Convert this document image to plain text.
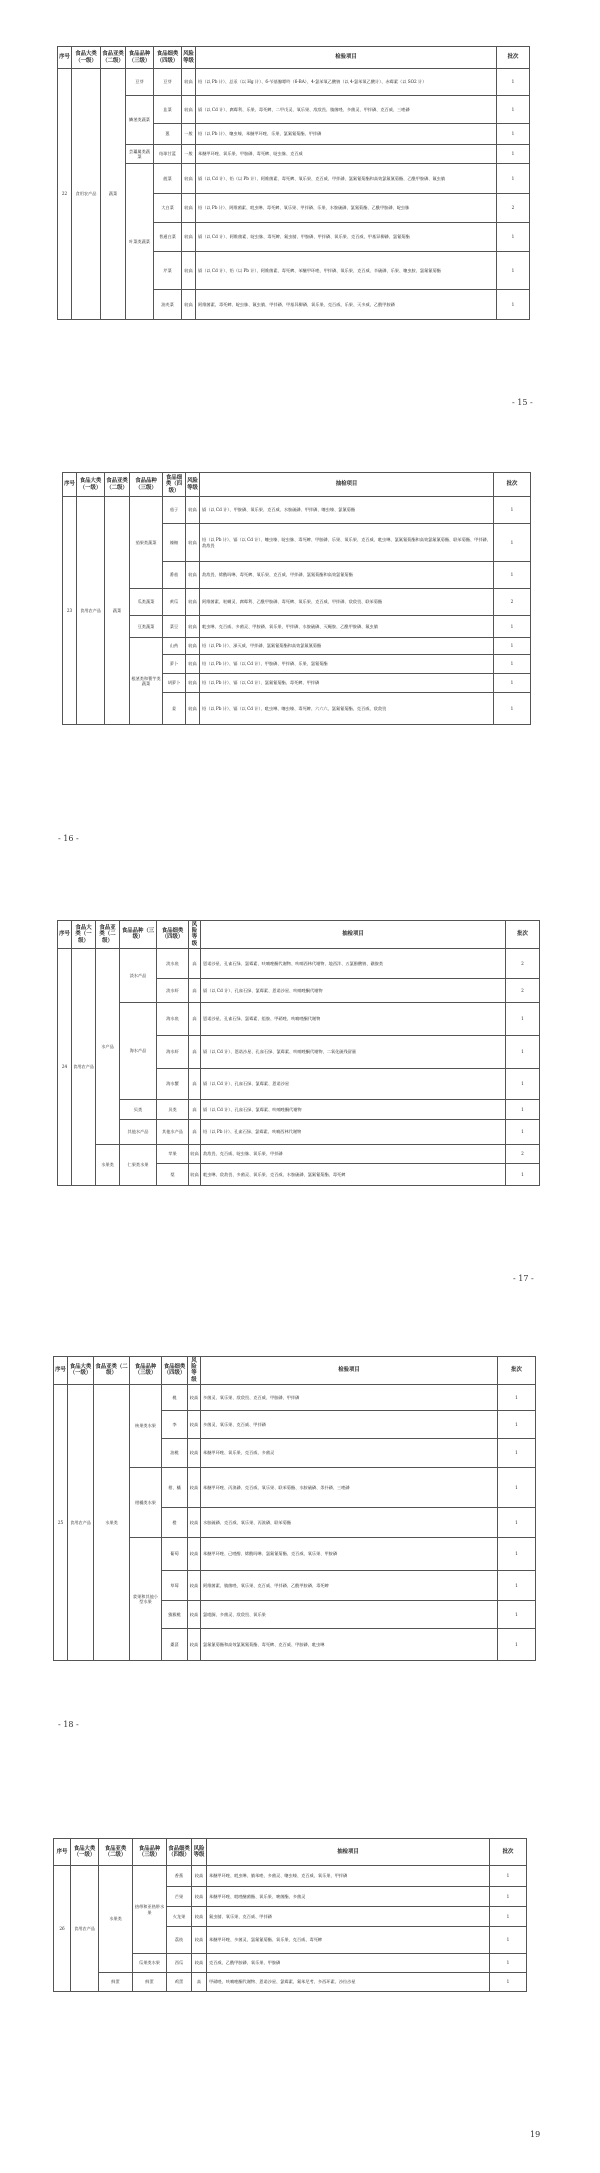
序号	食品大类（一级）	食品亚类（二级）	食品品种（三级）	食品细类（四级）	风险等级	检验项目	批次
22	食用农产品	蔬菜	豆芽	豆芽	较高	铅（以 Pb 计）、总汞（以 Hg 计）、6-苄基腺嘌呤（6-BA）、4-氯苯氧乙酸钠（以 4-氯苯氧乙酸计）、赤霉素（以 SO2 计）	1
			鳞茎类蔬菜	韭菜	较高	镉（以 Cd 计）、腐霉利、乐果、毒死蜱、二甲戊灵、氧乐果、敌敌畏、腈菌唑、多菌灵、甲拌磷、克百威、三唑磷	1
				葱	一般	铅（以 Pb 计）、噻虫嗪、苯醚甲环唑、乐果、氯氟氰菊酯、甲拌磷	1
			芸薹属类蔬菜	结球甘蓝	一般	苯醚甲环唑、氧乐果、甲胺磷、毒死蜱、啶虫脒、克百威	1
			叶菜类蔬菜	菠菜	较高	镉（以 Cd 计）、铅（以 Pb 计）、阿维菌素、毒死蜱、氧乐果、克百威、甲拌磷、氯氟氰菊酯和高效氯氟氰菊酯、乙酰甲胺磷、氟虫腈	1
				大白菜	较高	铅（以 Pb 计）、阿维菌素、吡虫啉、毒死蜱、氧乐果、甲拌磷、乐果、水胺硫磷、氯氰菊酯、乙酰甲胺磷、啶虫脒	2
				普通白菜	较高	镉（以 Cd 计）、阿维菌素、啶虫脒、毒死蜱、氟虫腈、甲胺磷、甲拌磷、氧乐果、克百威、甲基异柳磷、氯氰菊酯	1
				芹菜	较高	镉（以 Cd 计）、铅（以 Pb 计）、阿维菌素、毒死蜱、苯醚甲环唑、甲拌磷、氧乐果、克百威、辛硫磷、乐果、噻虫胺、氯氟氰菊酯	1
				油麦菜	较高	阿维菌素、毒死蜱、啶虫脒、氟虫腈、甲拌磷、甲基异柳磷、氧乐果、克百威、乐果、灭多威、乙酰甲胺磷	1
- 15 -
序号	食品大类（一级）	食品亚类（二级）	食品品种（三级）	食品细类（四级）	风险等级	抽检项目	批次
23	食用农产品	蔬菜	茄果类蔬菜	茄子	较高	镉（以 Cd 计）、甲胺磷、氧乐果、克百威、水胺硫磷、甲拌磷、噻虫嗪、氯氰菊酯	1
				辣椒	较高	铅（以 Pb 计）、镉（以 Cd 计）、噻虫嗪、啶虫脒、毒死蜱、甲胺磷、乐果、氧乐果、克百威、吡虫啉、氯氟氰菊酯和高效氯氟氰菊酯、联苯菊酯、甲拌磷、敌敌畏	1
				番茄	较高	敌敌畏、烯酰吗啉、毒死蜱、氧乐果、克百威、甲拌磷、氯氰菊酯和高效氯氰菊酯	1
			瓜类蔬菜	黄瓜	较高	阿维菌素、哒螨灵、腐霉利、乙酰甲胺磷、毒死蜱、氧乐果、克百威、甲拌磷、敌敌畏、联苯菊酯	2
			豆类蔬菜	菜豆	较高	吡虫啉、克百威、多菌灵、甲胺磷、氧乐果、甲拌磷、水胺硫磷、灭蝇胺、乙酰甲胺磷、氟虫腈	1
			根茎类和薯芋类蔬菜	山药	较高	铅（以 Pb 计）、涕灭威、甲拌磷、氯氟氰菊酯和高效氯氟氰菊酯	1
				萝卜	较高	铅（以 Pb 计）、镉（以 Cd 计）、甲胺磷、甲拌磷、乐果、氯氰菊酯	1
				胡萝卜	较高	铅（以 Pb 计）、镉（以 Cd 计）、氯氟氰菊酯、毒死蜱、甲拌磷	1
				姜	较高	铅（以 Pb 计）、镉（以 Cd 计）、吡虫啉、噻虫嗪、毒死蜱、六六六、氯氟氰菊酯、克百威、敌敌畏	1
- 16 -
序号	食品大类（一级）	食品亚类（二级）	食品品种（三级）	食品细类（四级）	风险等级	抽检项目	批次
24	食用农产品	水产品	淡水产品	淡水鱼	高	恩诺沙星、孔雀石绿、氯霉素、呋喃唑酮代谢物、呋喃西林代谢物、地西泮、五氯酚酸钠、磺胺类	2
				淡水虾	高	镉（以 Cd 计）、孔雀石绿、氯霉素、恩诺沙星、呋喃唑酮代谢物	2
			海水产品	海水鱼	高	恩诺沙星、孔雀石绿、氯霉素、组胺、甲硝唑、呋喃唑酮代谢物	1
				海水虾	高	镉（以 Cd 计）、恩诺沙星、孔雀石绿、氯霉素、呋喃唑酮代谢物、二氧化硫残留量	1
				海水蟹	高	镉（以 Cd 计）、孔雀石绿、氯霉素、恩诺沙星	1
			贝类	贝类	高	镉（以 Cd 计）、孔雀石绿、氯霉素、呋喃唑酮代谢物	1
			其他水产品	其他水产品	高	铅（以 Pb 计）、孔雀石绿、氯霉素、呋喃西林代谢物	1
		水果类	仁果类水果	苹果	较高	敌敌畏、克百威、啶虫脒、氧乐果、甲拌磷	2
				梨	较高	吡虫啉、敌敌畏、多菌灵、氧乐果、克百威、水胺硫磷、氯氟氰菊酯、毒死蜱	1
- 17 -
序号	食品大类（一级）	食品亚类（二级）	食品品种（三级）	食品细类（四级）	风险等级	检验项目	批次
25	食用农产品	水果类	核果类水果	桃	较高	多菌灵、氧乐果、敌敌畏、克百威、甲胺磷、甲拌磷	1
				李	较高	多菌灵、氧乐果、克百威、甲拌磷	1
				油桃	较高	苯醚甲环唑、氧乐果、克百威、多菌灵	1
			柑橘类水果	柑、橘	较高	苯醚甲环唑、丙溴磷、克百威、氧乐果、联苯菊酯、水胺硫磷、杀扑磷、三唑磷	1
				橙	较高	水胺硫磷、克百威、氧乐果、丙溴磷、联苯菊酯	1
			浆果和其他小型水果	葡萄	较高	苯醚甲环唑、己唑醇、烯酰吗啉、氯氟氰菊酯、克百威、氧乐果、甲胺磷	1
				草莓	较高	阿维菌素、腈菌唑、氧乐果、克百威、甲拌磷、乙酰甲胺磷、毒死蜱	1
				猕猴桃	较高	氯吡脲、多菌灵、敌敌畏、氧乐果	1
				桑葚	较高	氯氟氰菊酯和高效氯氟氰菊酯、毒死蜱、克百威、甲胺磷、吡虫啉	1
- 18 -
序号	食品大类（一级）	食品亚类（二级）	食品品种（三级）	食品细类（四级）	风险等级	抽检项目	批次
26	食用农产品	水果类	热带和亚热带水果	香蕉	较高	苯醚甲环唑、吡虫啉、腈苯唑、多菌灵、噻虫嗪、克百威、氧乐果、甲拌磷	1
				芒果	较高	苯醚甲环唑、吡唑醚菌酯、氧乐果、嘧菌酯、多菌灵	1
				火龙果	较高	氟虫腈、氧乐果、克百威、甲拌磷	1
				荔枝	较高	苯醚甲环唑、多菌灵、氯氟氰菊酯、氧乐果、克百威、毒死蜱	1
			瓜果类水果	西瓜	较高	克百威、乙酰甲胺磷、氧乐果、甲胺磷	1
		鲜蛋	鲜蛋	鸡蛋	高	甲硝唑、呋喃唑酮代谢物、恩诺沙星、氯霉素、氟苯尼考、多西环素、沙拉沙星	1
19
